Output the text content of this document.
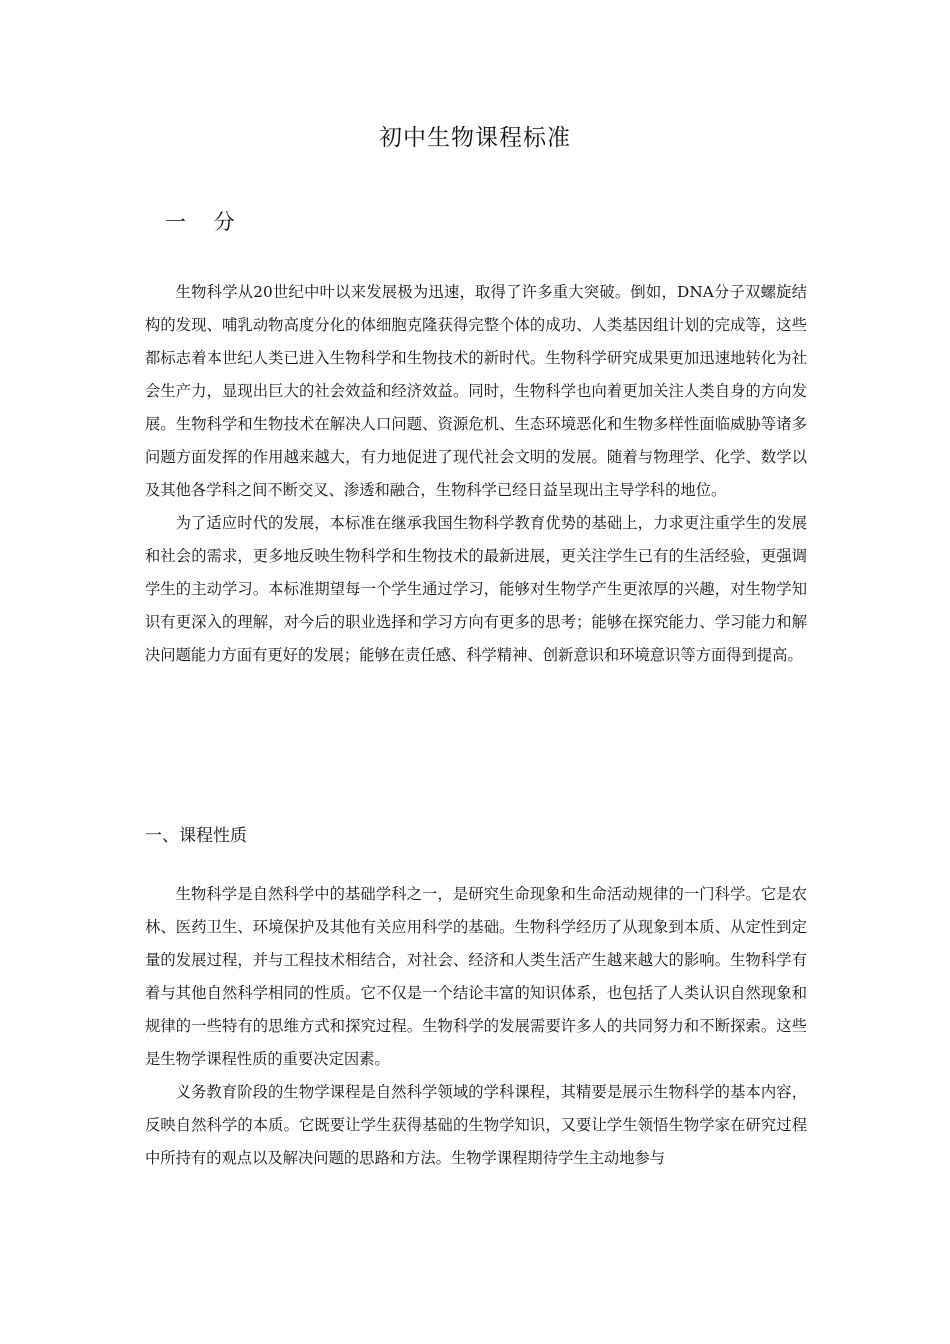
初中生物课程标准
一　 分

生物科学从20世纪中叶以来发展极为迅速，取得了许多重大突破。倒如，DNA分子双螺旋结构的发现、哺乳动物高度分化的体细胞克隆获得完整个体的成功、人类基因组计划的完成等，这些都标志着本世纪人类已进入生物科学和生物技术的新时代。生物科学研究成果更加迅速地转化为社会生产力，显现出巨大的社会效益和经济效益。同时，生物科学也向着更加关注人类自身的方向发展。生物科学和生物技术在解决人口问题、资源危机、生态环境恶化和生物多样性面临威胁等诸多问题方面发挥的作用越来越大，有力地促进了现代社会文明的发展。随着与物理学、化学、数学以及其他各学科之间不断交叉、渗透和融合，生物科学已经日益呈现出主导学科的地位。

为了适应时代的发展，本标准在继承我国生物科学教育优势的基础上，力求更注重学生的发展和社会的需求，更多地反映生物科学和生物技术的最新进展，更关注学生已有的生活经验，更强调学生的主动学习。本标准期望每一个学生通过学习，能够对生物学产生更浓厚的兴趣，对生物学知识有更深入的理解，对今后的职业选择和学习方向有更多的思考；能够在探究能力、学习能力和解决问题能力方面有更好的发展；能够在责任感、科学精神、创新意识和环境意识等方面得到提高。

一、课程性质

生物科学是自然科学中的基础学科之一，是研究生命现象和生命活动规律的一门科学。它是农林、医药卫生、环境保护及其他有关应用科学的基础。生物科学经历了从现象到本质、从定性到定量的发展过程，并与工程技术相结合，对社会、经济和人类生活产生越来越大的影响。生物科学有着与其他自然科学相同的性质。它不仅是一个结论丰富的知识体系，也包括了人类认识自然现象和规律的一些特有的思维方式和探究过程。生物科学的发展需要许多人的共同努力和不断探索。这些是生物学课程性质的重要决定因素。

义务教育阶段的生物学课程是自然科学领域的学科课程，其精要是展示生物科学的基本内容，反映自然科学的本质。它既要让学生获得基础的生物学知识，又要让学生领悟生物学家在研究过程中所持有的观点以及解决问题的思路和方法。生物学课程期待学生主动地参与
